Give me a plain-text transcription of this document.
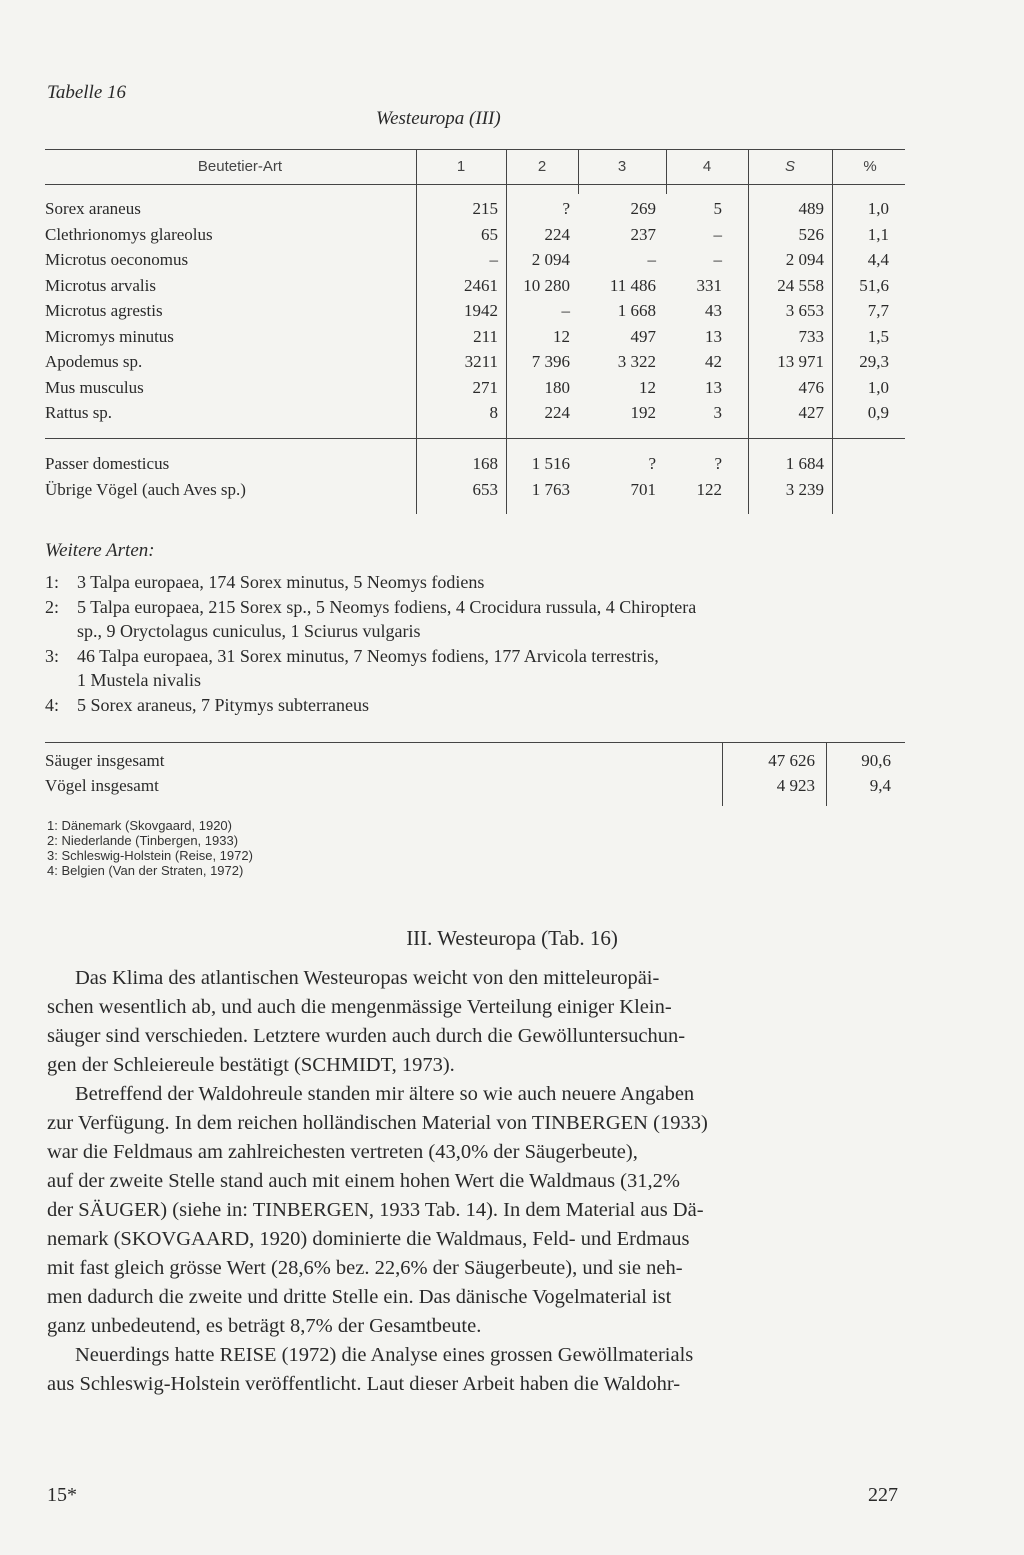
Tabelle 16
Westeuropa (III)
Beutetier-Art	1	2	3	4	S	%
Sorex araneus	215	?	269	5	489	1,0
Clethrionomys glareolus	65	224	237	–	526	1,1
Microtus oeconomus	–	2 094	–	–	2 094	4,4
Microtus arvalis	2461	10 280	11 486	331	24 558	51,6
Microtus agrestis	1942	–	1 668	43	3 653	7,7
Micromys minutus	211	12	497	13	733	1,5
Apodemus sp.	3211	7 396	3 322	42	13 971	29,3
Mus musculus	271	180	12	13	476	1,0
Rattus sp.	8	224	192	3	427	0,9
Passer domesticus	168	1 516	?	?	1 684
Übrige Vögel (auch Aves sp.)	653	1 763	701	122	3 239
Weitere Arten:
1: 3 Talpa europaea, 174 Sorex minutus, 5 Neomys fodiens
2: 5 Talpa europaea, 215 Sorex sp., 5 Neomys fodiens, 4 Crocidura russula, 4 Chiroptera
sp., 9 Oryctolagus cuniculus, 1 Sciurus vulgaris
3: 46 Talpa europaea, 31 Sorex minutus, 7 Neomys fodiens, 177 Arvicola terrestris,
1 Mustela nivalis
4: 5 Sorex araneus, 7 Pitymys subterraneus
Säuger insgesamt	47 626	90,6
Vögel insgesamt	4 923	9,4
1: Dänemark (Skovgaard, 1920)
2: Niederlande (Tinbergen, 1933)
3: Schleswig-Holstein (Reise, 1972)
4: Belgien (Van der Straten, 1972)
III. Westeuropa (Tab. 16)
Das Klima des atlantischen Westeuropas weicht von den mitteleuropäi-
schen wesentlich ab, und auch die mengenmässige Verteilung einiger Klein-
säuger sind verschieden. Letztere wurden auch durch die Gewölluntersuchun-
gen der Schleiereule bestätigt (SCHMIDT, 1973).
Betreffend der Waldohreule standen mir ältere so wie auch neuere Angaben
zur Verfügung. In dem reichen holländischen Material von TINBERGEN (1933)
war die Feldmaus am zahlreichesten vertreten (43,0% der Säugerbeute),
auf der zweite Stelle stand auch mit einem hohen Wert die Waldmaus (31,2%
der SÄUGER) (siehe in: TINBERGEN, 1933 Tab. 14). In dem Material aus Dä-
nemark (SKOVGAARD, 1920) dominierte die Waldmaus, Feld- und Erdmaus
mit fast gleich grösse Wert (28,6% bez. 22,6% der Säugerbeute), und sie neh-
men dadurch die zweite und dritte Stelle ein. Das dänische Vogelmaterial ist
ganz unbedeutend, es beträgt 8,7% der Gesamtbeute.
Neuerdings hatte REISE (1972) die Analyse eines grossen Gewöllmaterials
aus Schleswig-Holstein veröffentlicht. Laut dieser Arbeit haben die Waldohr-
15*	227
